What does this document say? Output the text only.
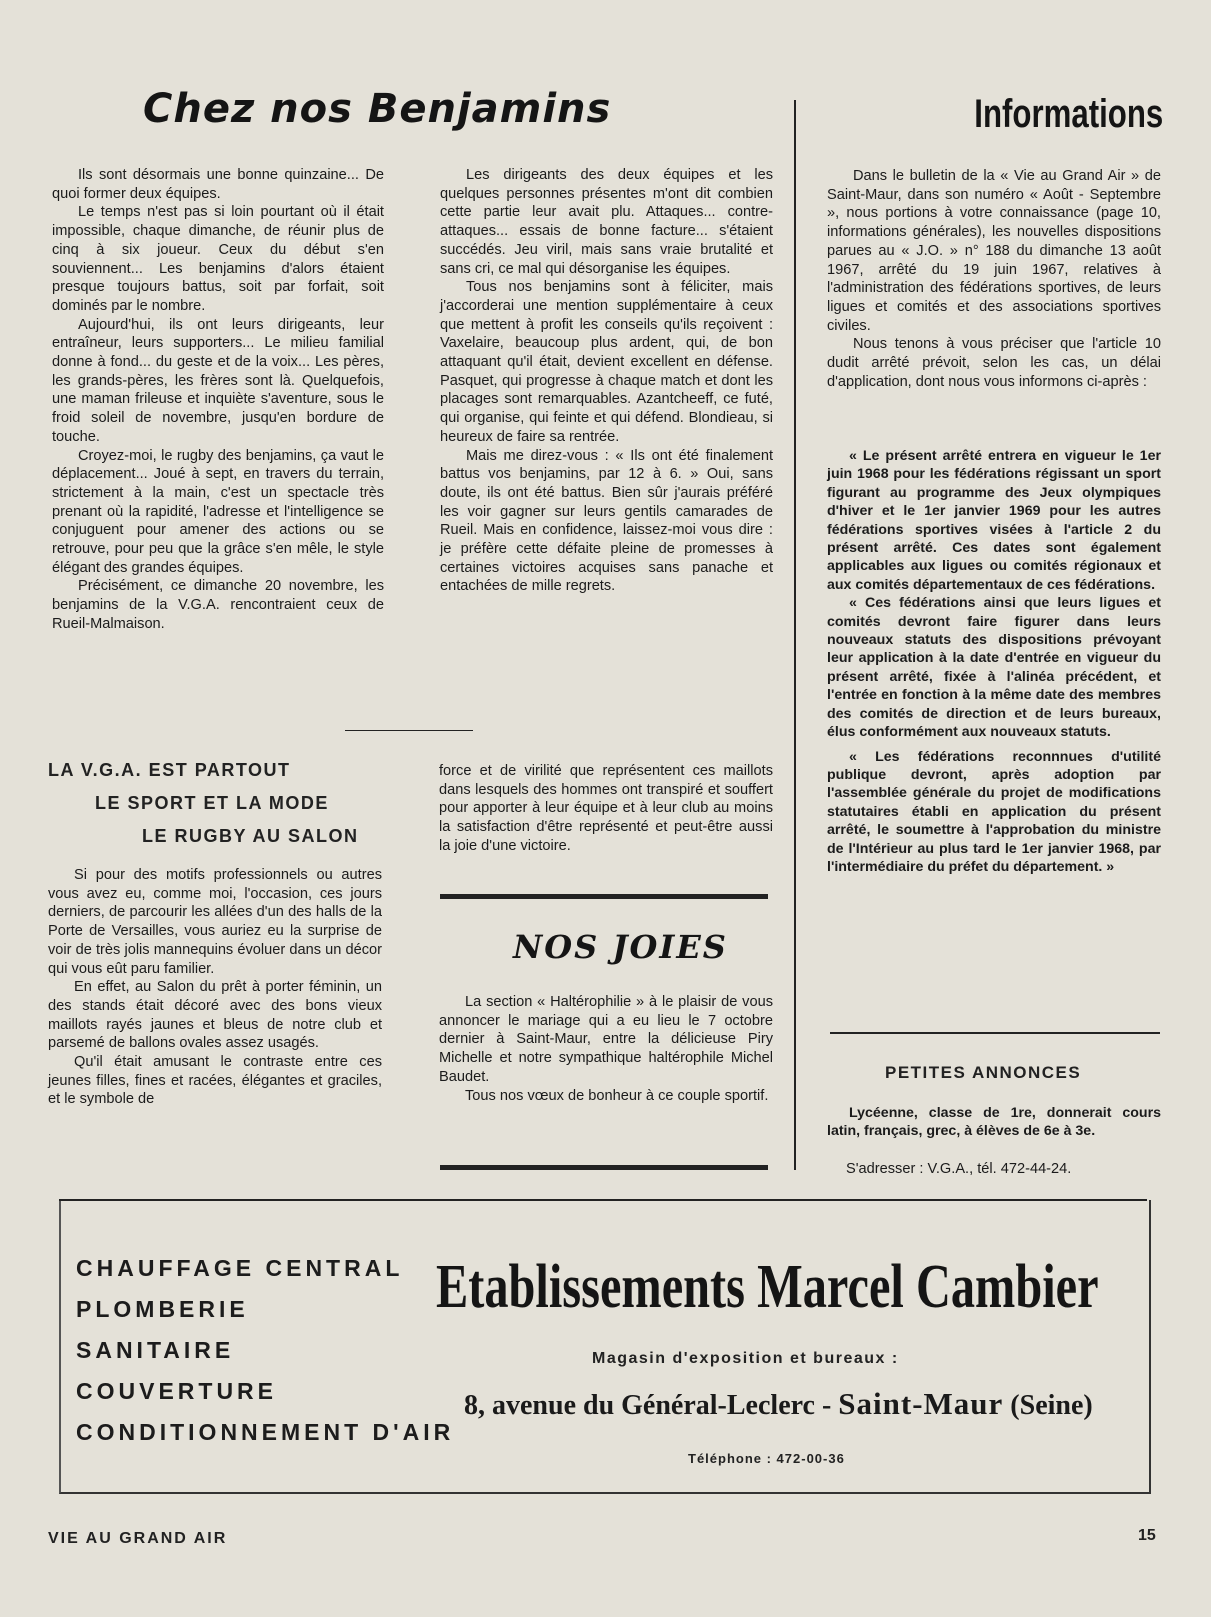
Chez nos Benjamins	Informations

Ils sont désormais une bonne quinzaine... De quoi former deux équipes.

Le temps n'est pas si loin pourtant où il était impossible, chaque dimanche, de réunir plus de cinq à six joueur. Ceux du début s'en souviennent... Les benjamins d'alors étaient presque toujours battus, soit par forfait, soit dominés par le nombre.

Aujourd'hui, ils ont leurs dirigeants, leur entraîneur, leurs supporters... Le milieu familial donne à fond... du geste et de la voix... Les pères, les grands-pères, les frères sont là. Quelquefois, une maman frileuse et inquiète s'aventure, sous le froid soleil de novembre, jusqu'en bordure de touche.

Croyez-moi, le rugby des benjamins, ça vaut le déplacement... Joué à sept, en travers du terrain, strictement à la main, c'est un spectacle très prenant où la rapidité, l'adresse et l'intelligence se conjuguent pour amener des actions ou se retrouve, pour peu que la grâce s'en mêle, le style élégant des grandes équipes.

Précisément, ce dimanche 20 novembre, les benjamins de la V.G.A. rencontraient ceux de Rueil-Malmaison.

Les dirigeants des deux équipes et les quelques personnes présentes m'ont dit combien cette partie leur avait plu. Attaques... contre-attaques... essais de bonne facture... s'étaient succédés. Jeu viril, mais sans vraie brutalité et sans cri, ce mal qui désorganise les équipes.

Tous nos benjamins sont à féliciter, mais j'accorderai une mention supplémentaire à ceux que mettent à profit les conseils qu'ils reçoivent : Vaxelaire, beaucoup plus ardent, qui, de bon attaquant qu'il était, devient excellent en défense. Pasquet, qui progresse à chaque match et dont les placages sont remarquables. Azantcheeff, ce futé, qui organise, qui feinte et qui défend. Blondieau, si heureux de faire sa rentrée.

Mais me direz-vous : « Ils ont été finalement battus vos benjamins, par 12 à 6. » Oui, sans doute, ils ont été battus. Bien sûr j'aurais préféré les voir gagner sur leurs gentils camarades de Rueil. Mais en confidence, laissez-moi vous dire : je préfère cette défaite pleine de promesses à certaines victoires acquises sans panache et entachées de mille regrets.

LA V.G.A. EST PARTOUT
LE SPORT ET LA MODE
LE RUGBY AU SALON

Si pour des motifs professionnels ou autres vous avez eu, comme moi, l'occasion, ces jours derniers, de parcourir les allées d'un des halls de la Porte de Versailles, vous auriez eu la surprise de voir de très jolis mannequins évoluer dans un décor qui vous eût paru familier.

En effet, au Salon du prêt à porter féminin, un des stands était décoré avec des bons vieux maillots rayés jaunes et bleus de notre club et parsemé de ballons ovales assez usagés.

Qu'il était amusant le contraste entre ces jeunes filles, fines et racées, élégantes et graciles, et le symbole de

force et de virilité que représentent ces maillots dans lesquels des hommes ont transpiré et souffert pour apporter à leur équipe et à leur club au moins la satisfaction d'être représenté et peut-être aussi la joie d'une victoire.

NOS JOIES

La section « Haltérophilie » à le plaisir de vous annoncer le mariage qui a eu lieu le 7 octobre dernier à Saint-Maur, entre la délicieuse Piry Michelle et notre sympathique haltérophile Michel Baudet.

Tous nos vœux de bonheur à ce couple sportif.

Dans le bulletin de la « Vie au Grand Air » de Saint-Maur, dans son numéro « Août - Septembre », nous portions à votre connaissance (page 10, informations générales), les nouvelles dispositions parues au « J.O. » n° 188 du dimanche 13 août 1967, arrêté du 19 juin 1967, relatives à l'administration des fédérations sportives, de leurs ligues et comités et des associations sportives civiles.

Nous tenons à vous préciser que l'article 10 dudit arrêté prévoit, selon les cas, un délai d'application, dont nous vous informons ci-après :

« Le présent arrêté entrera en vigueur le 1er juin 1968 pour les fédérations régissant un sport figurant au programme des Jeux olympiques d'hiver et le 1er janvier 1969 pour les autres fédérations sportives visées à l'article 2 du présent arrêté. Ces dates sont également applicables aux ligues ou comités régionaux et aux comités départementaux de ces fédérations.

« Ces fédérations ainsi que leurs ligues et comités devront faire figurer dans leurs nouveaux statuts des dispositions prévoyant leur application à la date d'entrée en vigueur du présent arrêté, fixée à l'alinéa précédent, et l'entrée en fonction à la même date des membres des comités de direction et de leurs bureaux, élus conformément aux nouveaux statuts.

« Les fédérations reconnnues d'utilité publique devront, après adoption par l'assemblée générale du projet de modifications statutaires établi en application du présent arrêté, le soumettre à l'approbation du ministre de l'Intérieur au plus tard le 1er janvier 1968, par l'intermédiaire du préfet du département. »

PETITES ANNONCES

Lycéenne, classe de 1re, donnerait cours latin, français, grec, à élèves de 6e à 3e.

S'adresser : V.G.A., tél. 472-44-24.
CHAUFFAGE CENTRAL
PLOMBERIE
SANITAIRE
COUVERTURE
CONDITIONNEMENT D'AIR
Etablissements Marcel Cambier
Magasin d'exposition et bureaux :
8, avenue du Général-Leclerc - Saint-Maur (Seine)
Téléphone : 472-00-36
VIE AU GRAND AIR	15
